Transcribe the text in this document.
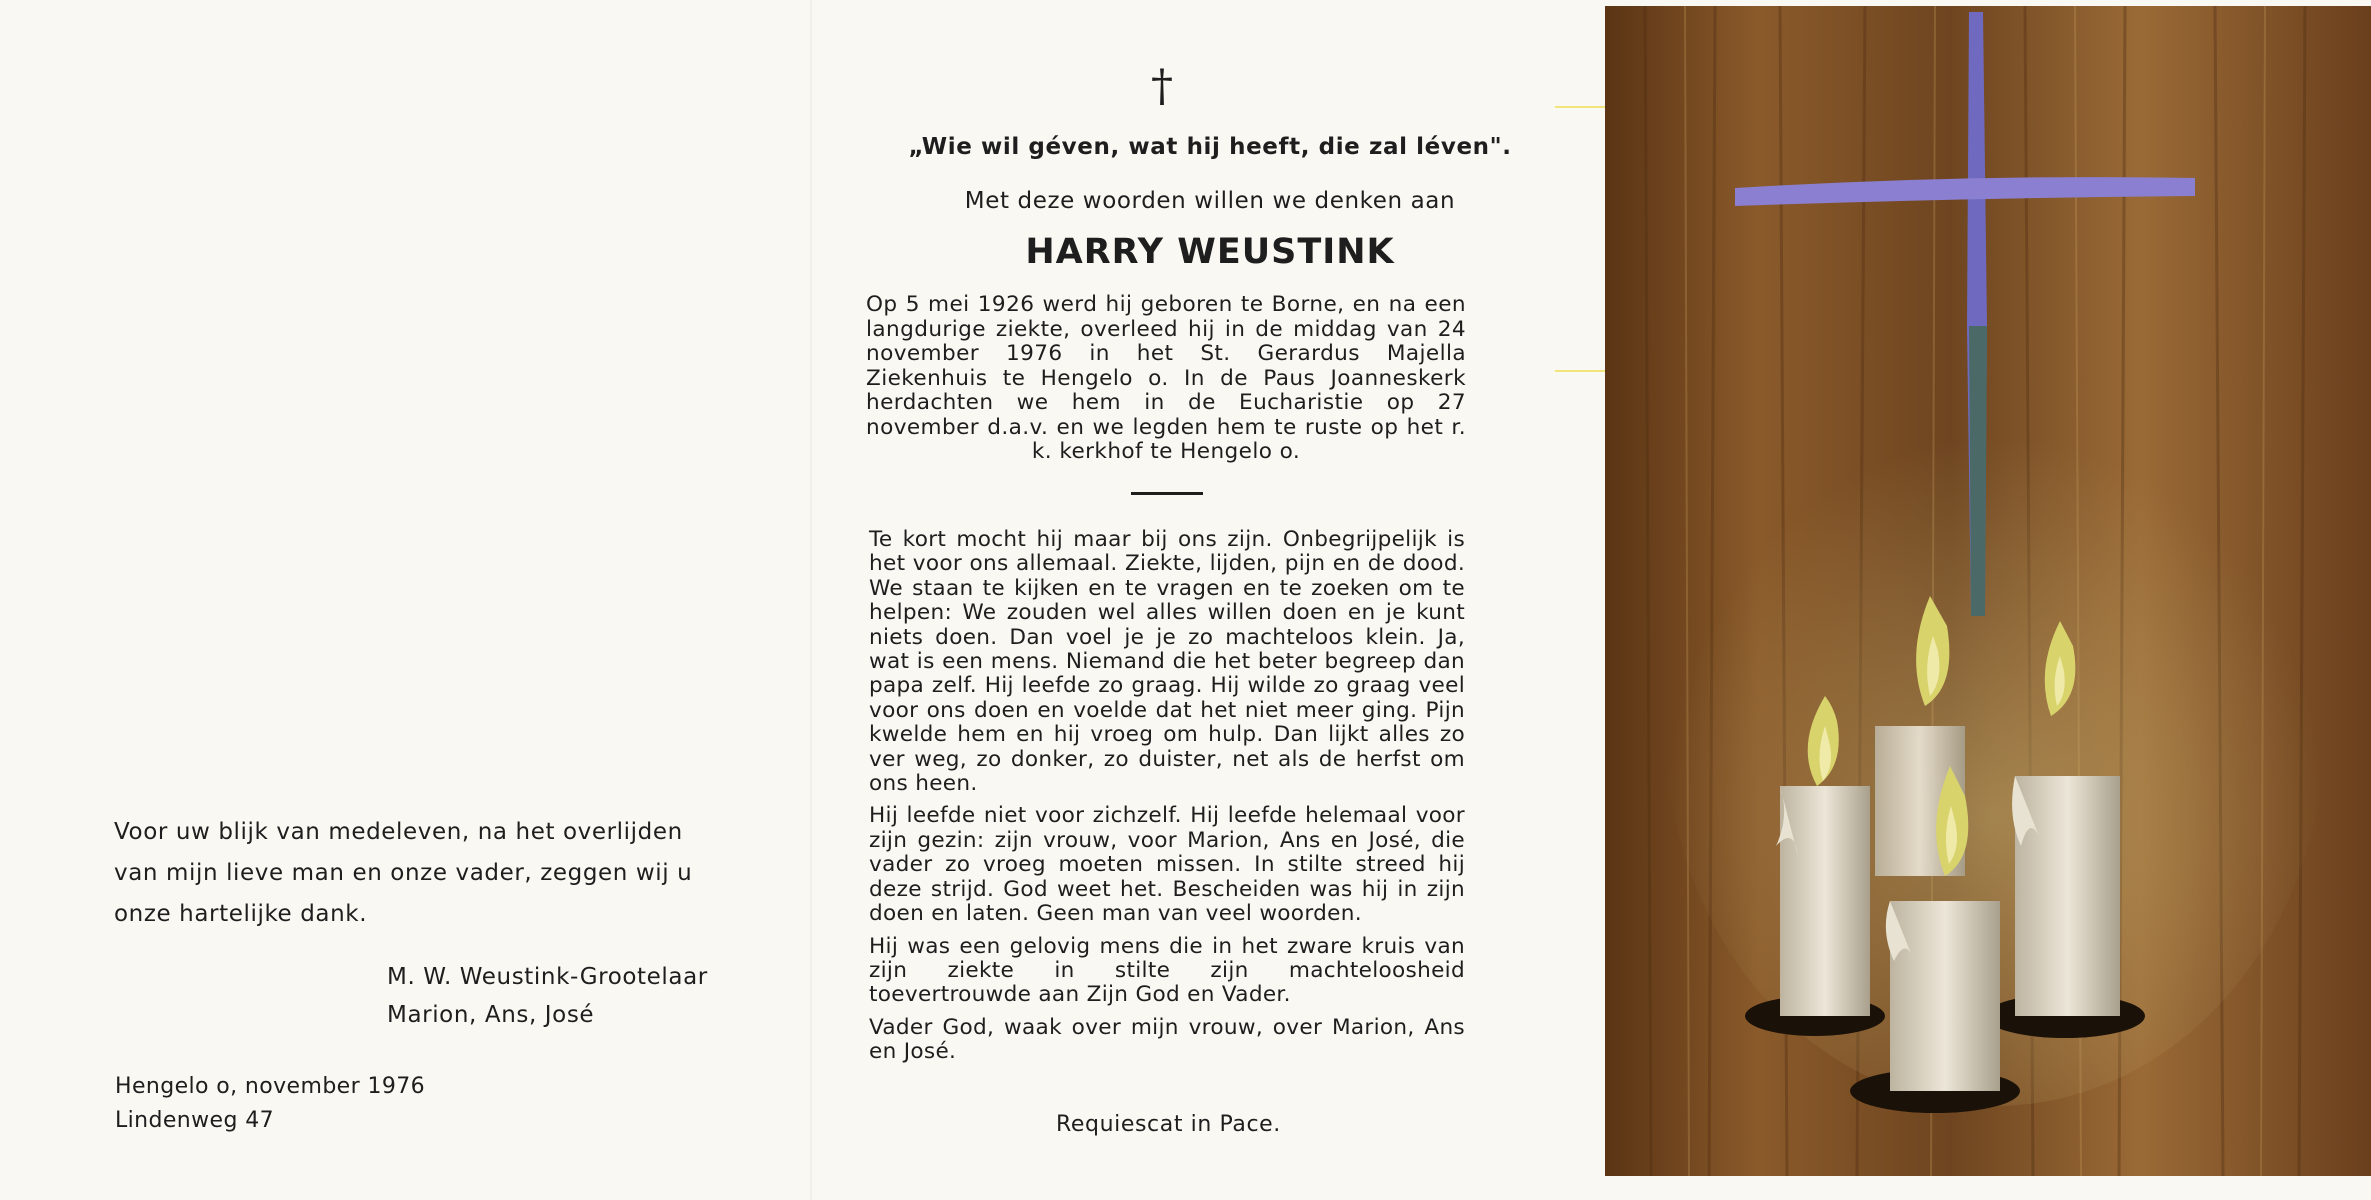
Voor uw blijk van medeleven, na het overlijden van mijn lieve man en onze vader, zeggen wij u onze hartelijke dank.
M. W. Weustink-Grootelaar
Marion, Ans, José
Hengelo o, november 1976
Lindenweg 47
†
„Wie wil géven, wat hij heeft, die zal léven".
Met deze woorden willen we denken aan
HARRY WEUSTINK
Op 5 mei 1926 werd hij geboren te Borne, en na een langdurige ziekte, overleed hij in de middag van 24 november 1976 in het St. Gerardus Majella Ziekenhuis te Hengelo o. In de Paus Joanneskerk herdachten we hem in de Eucharistie op 27 november d.a.v. en we legden hem te ruste op het r. k. kerkhof te Hengelo o.

Te kort mocht hij maar bij ons zijn. Onbegrijpelijk is het voor ons allemaal. Ziekte, lijden, pijn en de dood. We staan te kijken en te vragen en te zoeken om te helpen: We zouden wel alles willen doen en je kunt niets doen. Dan voel je je zo machteloos klein. Ja, wat is een mens. Niemand die het beter begreep dan papa zelf. Hij leefde zo graag. Hij wilde zo graag veel voor ons doen en voelde dat het niet meer ging. Pijn kwelde hem en hij vroeg om hulp. Dan lijkt alles zo ver weg, zo donker, zo duister, net als de herfst om ons heen.

Hij leefde niet voor zichzelf. Hij leefde helemaal voor zijn gezin: zijn vrouw, voor Marion, Ans en José, die vader zo vroeg moeten missen. In stilte streed hij deze strijd. God weet het. Bescheiden was hij in zijn doen en laten. Geen man van veel woorden.

Hij was een gelovig mens die in het zware kruis van zijn ziekte in stilte zijn machteloosheid toevertrouwde aan Zijn God en Vader.

Vader God, waak over mijn vrouw, over Marion, Ans en José.

Requiescat in Pace.
